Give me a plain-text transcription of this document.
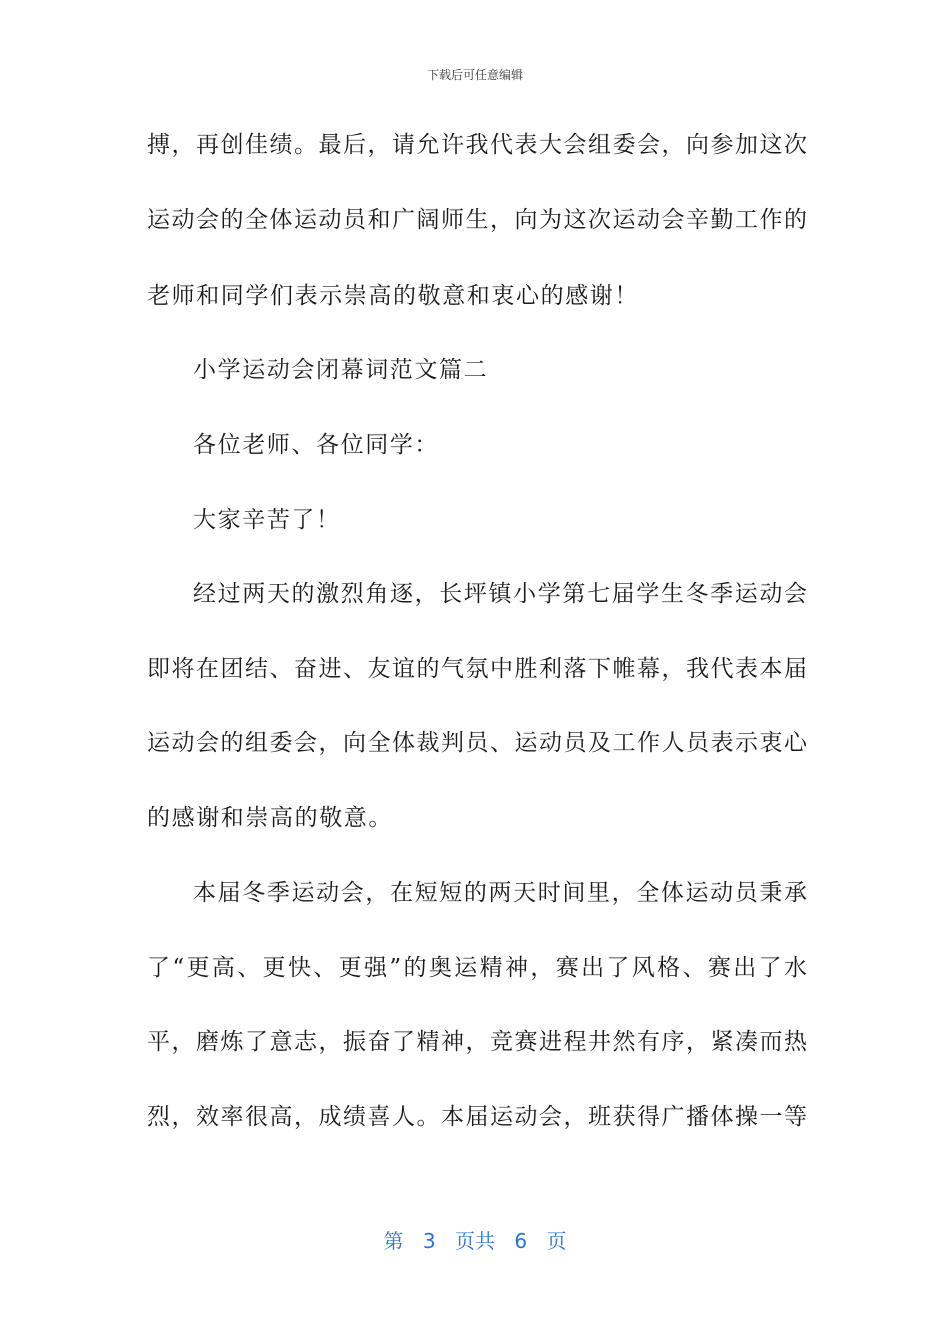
下载后可任意编辑
搏，再创佳绩。最后，请允许我代表大会组委会，向参加这次
运动会的全体运动员和广阔师生，向为这次运动会辛勤工作的
老师和同学们表示崇高的敬意和衷心的感谢！
小学运动会闭幕词范文篇二
各位老师、各位同学：
大家辛苦了！
经过两天的激烈角逐，长坪镇小学第七届学生冬季运动会
即将在团结、奋进、友谊的气氛中胜利落下帷幕，我代表本届
运动会的组委会，向全体裁判员、运动员及工作人员表示衷心
的感谢和崇高的敬意。
本届冬季运动会，在短短的两天时间里，全体运动员秉承
了“更高、更快、更强”的奥运精神，赛出了风格、赛出了水
平，磨炼了意志，振奋了精神，竞赛进程井然有序，紧凑而热
烈，效率很高，成绩喜人。本届运动会，班获得广播体操一等
第 3 页共 6 页
